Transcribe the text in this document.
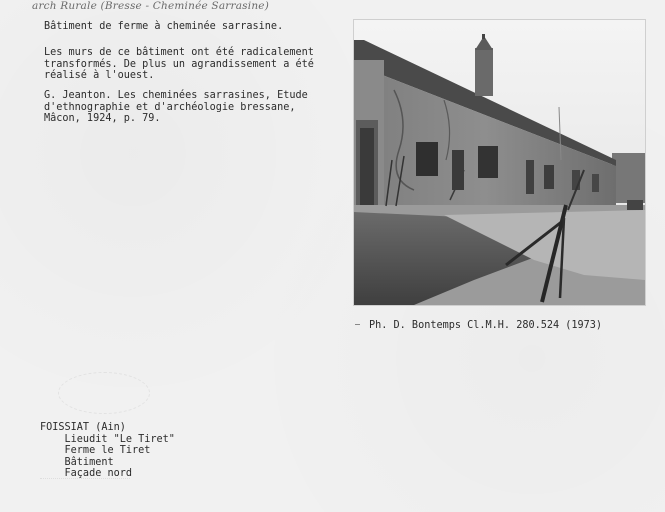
arch Rurale (Bresse - Cheminée Sarrasine)
Bâtiment de ferme à cheminée sarrasine.
Les murs de ce bâtiment ont été radicalement
transformés. De plus un agrandissement a été
réalisé à l'ouest.
G. Jeanton. Les cheminées sarrasines, Etude
d'ethnographie et d'archéologie bressane,
Mâcon, 1924, p. 79.
Ph. D. Bontemps Cl.M.H. 280.524 (1973)
FOISSIAT (Ain)
Lieudit "Le Tiret"
Ferme le Tiret
Bâtiment
Façade nord
